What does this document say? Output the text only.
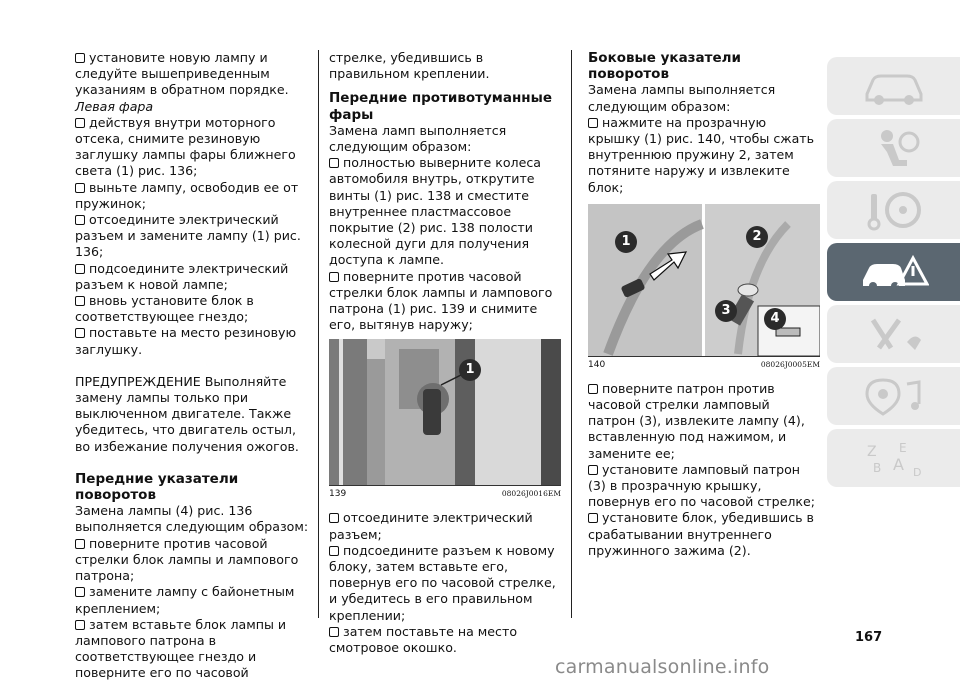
установите новую лампу и следуйте вышеприведенным указаниям в обратном порядке.

Левая фара

действуя внутри моторного отсека, снимите резиновую заглушку лампы фары ближнего света (1) рис. 136;

выньте лампу, освободив ее от пружинок;

отсоедините электрический разъем и замените лампу (1) рис. 136;

подсоедините электрический разъем к новой лампе;

вновь установите блок в соответствующее гнездо;

поставьте на место резиновую заглушку.

ПРЕДУПРЕЖДЕНИЕ Выполняйте замену лампы только при выключенном двигателе. Также убедитесь, что двигатель остыл, во избежание получения ожогов.

Передние указатели поворотов

Замена лампы (4) рис. 136 выполняется следующим образом:

поверните против часовой стрелки блок лампы и лампового патрона;

замените лампу с байонетным креплением;

затем вставьте блок лампы и лампового патрона в соответствующее гнездо и поверните его по часовой

стрелке, убедившись в правильном креплении.

Передние противотуманные фары

Замена ламп выполняется следующим образом:

полностью выверните колеса автомобиля внутрь, открутите винты (1) рис. 138 и сместите внутреннее пластмассовое покрытие (2) рис. 138 полости колесной дуги для получения доступа к лампе.

поверните против часовой стрелки блок лампы и лампового патрона (1) рис. 139 и снимите его, вытянув наружу;

1
139	08026J0016EM

отсоедините электрический разъем;

подсоедините разъем к новому блоку, затем вставьте его, повернув его по часовой стрелке, и убедитесь в его правильном креплении;

затем поставьте на место смотровое окошко.

Боковые указатели поворотов

Замена лампы выполняется следующим образом:

нажмите на прозрачную крышку (1) рис. 140, чтобы сжать внутреннюю пружину 2, затем потяните наружу и извлеките блок;

1	2
3
4
140	08026J0005EM

поверните патрон против часовой стрелки ламповый патрон (3), извлеките лампу (4), вставленную под нажимом, и замените ее;

установите ламповый патрон (3) в прозрачную крышку, повернув его по часовой стрелке;

установите блок, убедившись в срабатывании внутреннего пружинного зажима (2).

Z E
B A D
167
carmanualsonline.info
